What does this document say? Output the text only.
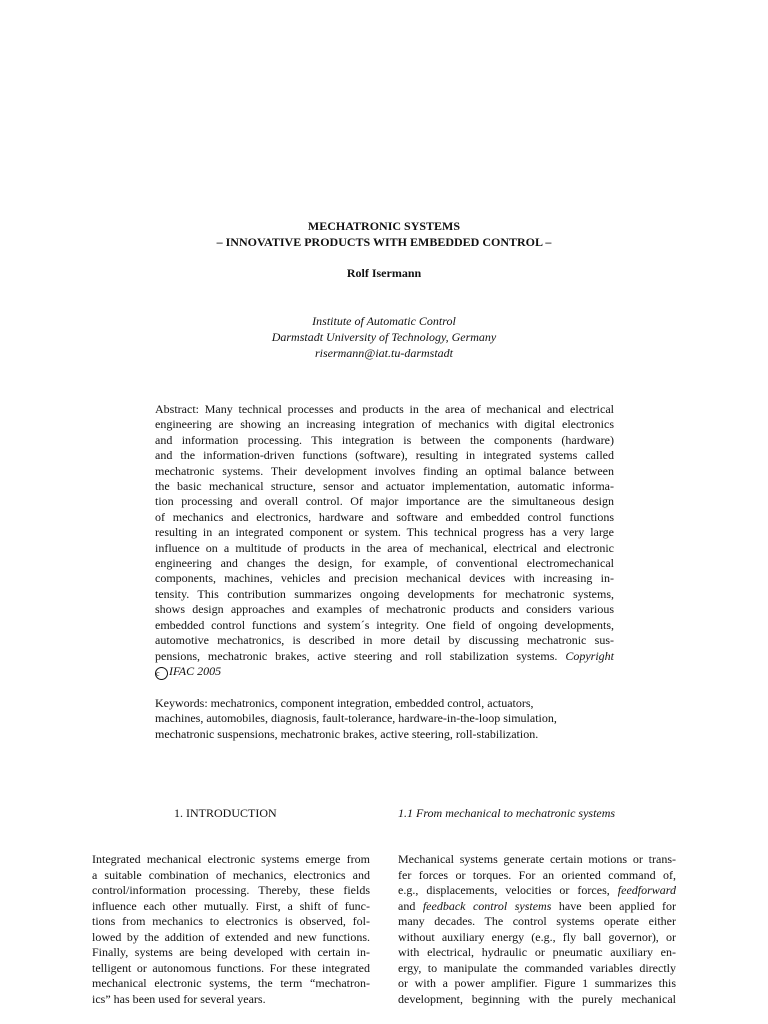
MECHATRONIC SYSTEMS
– INNOVATIVE PRODUCTS WITH EMBEDDED CONTROL –
Rolf Isermann
Institute of Automatic Control
Darmstadt University of Technology, Germany
risermann@iat.tu-darmstadt
Abstract: Many technical processes and products in the area of mechanical and electrical
engineering are showing an increasing integration of mechanics with digital electronics
and information processing. This integration is between the components (hardware)
and the information-driven functions (software), resulting in integrated systems called
mechatronic systems. Their development involves finding an optimal balance between
the basic mechanical structure, sensor and actuator implementation, automatic informa-
tion processing and overall control. Of major importance are the simultaneous design
of mechanics and electronics, hardware and software and embedded control functions
resulting in an integrated component or system. This technical progress has a very large
influence on a multitude of products in the area of mechanical, electrical and electronic
engineering and changes the design, for example, of conventional electromechanical
components, machines, vehicles and precision mechanical devices with increasing in-
tensity. This contribution summarizes ongoing developments for mechatronic systems,
shows design approaches and examples of mechatronic products and considers various
embedded control functions and system´s integrity. One field of ongoing developments,
automotive mechatronics, is described in more detail by discussing mechatronic sus-
pensions, mechatronic brakes, active steering and roll stabilization systems. Copyright
c IFAC 2005
Keywords: mechatronics, component integration, embedded control, actuators,
machines, automobiles, diagnosis, fault-tolerance, hardware-in-the-loop simulation,
mechatronic suspensions, mechatronic brakes, active steering, roll-stabilization.
1. INTRODUCTION	1.1 From mechanical to mechatronic systems
Integrated mechanical electronic systems emerge from
a suitable combination of mechanics, electronics and
control/information processing. Thereby, these fields
influence each other mutually. First, a shift of func-
tions from mechanics to electronics is observed, fol-
lowed by the addition of extended and new functions.
Finally, systems are being developed with certain in-
telligent or autonomous functions. For these integrated
mechanical electronic systems, the term “mechatron-
ics” has been used for several years.
Mechanical systems generate certain motions or trans-
fer forces or torques. For an oriented command of,
e.g., displacements, velocities or forces, feedforward
and feedback control systems have been applied for
many decades. The control systems operate either
without auxiliary energy (e.g., fly ball governor), or
with electrical, hydraulic or pneumatic auxiliary en-
ergy, to manipulate the commanded variables directly
or with a power amplifier. Figure 1 summarizes this
development, beginning with the purely mechanical
